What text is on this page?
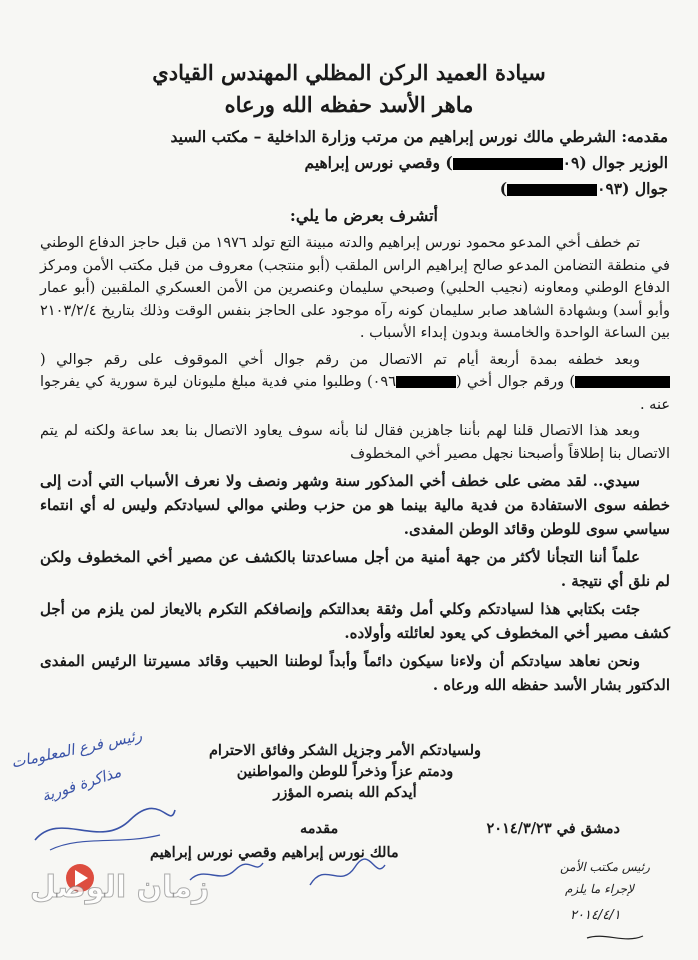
سيادة العميد الركن المظلي المهندس القيادي
ماهر الأسد حفظه الله ورعاه
مقدمه: الشرطي مالك نورس إبراهيم من مرتب وزارة الداخلية – مكتب السيد
الوزير جوال (٠٩) وقصي نورس إبراهيم
جوال (٠٩٣)
أتشرف بعرض ما يلي:

تم خطف أخي المدعو محمود نورس إبراهيم والدته مبينة التع تولد ١٩٧٦ من قبل حاجز الدفاع الوطني في منطقة التضامن المدعو صالح إبراهيم الراس الملقب (أبو منتجب) معروف من قبل مكتب الأمن ومركز الدفاع الوطني ومعاونه (نجيب الحلبي) وصبحي سليمان وعنصرين من الأمن العسكري الملقبين (أبو عمار وأبو أسد) وبشهادة الشاهد صابر سليمان كونه رآه موجود على الحاجز بنفس الوقت وذلك بتاريخ ٢١٠٣/٢/٤ بين الساعة الواحدة والخامسة وبدون إبداء الأسباب .

وبعد خطفه بمدة أربعة أيام تم الاتصال من رقم جوال أخي الموقوف على رقم جوالي () ورقم جوال أخي (٠٩٦) وطلبوا مني فدية مبلغ مليونان ليرة سورية كي يفرجوا عنه .

وبعد هذا الاتصال قلنا لهم بأننا جاهزين فقال لنا بأنه سوف يعاود الاتصال بنا بعد ساعة ولكنه لم يتم الاتصال بنا إطلاقاً وأصبحنا نجهل مصير أخي المخطوف

سيدي.. لقد مضى على خطف أخي المذكور سنة وشهر ونصف ولا نعرف الأسباب التي أدت إلى خطفه سوى الاستفادة من فدية مالية بينما هو من حزب وطني موالي لسيادتكم وليس له أي انتماء سياسي سوى للوطن وقائد الوطن المفدى.

علماً أننا التجأنا لأكثر من جهة أمنية من أجل مساعدتنا بالكشف عن مصير أخي المخطوف ولكن لم نلق أي نتيجة .

جئت بكتابي هذا لسيادتكم وكلي أمل وثقة بعدالتكم وإنصافكم التكرم بالايعاز لمن يلزم من أجل كشف مصير أخي المخطوف كي يعود لعائلته وأولاده.

ونحن نعاهد سيادتكم أن ولاءنا سيكون دائماً وأبداً لوطننا الحبيب وقائد مسيرتنا الرئيس المفدى الدكتور بشار الأسد حفظه الله ورعاه .

ولسيادتكم الأمر وجزيل الشكر وفائق الاحترام
ودمتم عزاً وذخراً للوطن والمواطنين
أيدكم الله بنصره المؤزر
دمشق في ٢٠١٤/٣/٢٣
مقدمه
مالك نورس إبراهيم وقصي نورس إبراهيم
رئيس فرع المعلومات
مذاكرة فورية
رئيس مكتب الأمن
لإجراء ما يلزم
٢٠١٤/٤/١
زمان الوصل
